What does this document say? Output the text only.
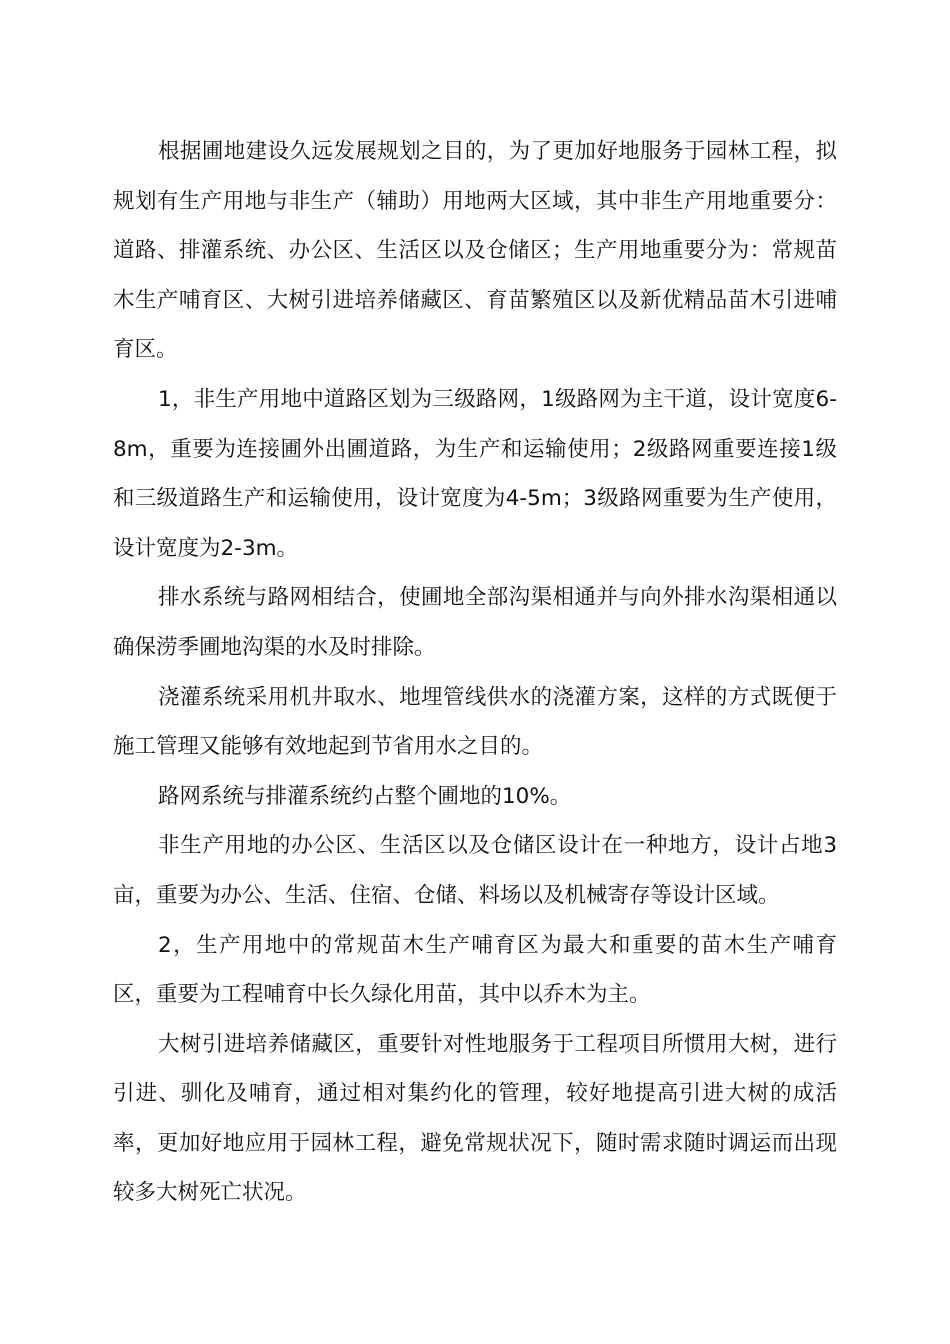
根据圃地建设久远发展规划之目的，为了更加好地服务于园林工程，拟规划有生产用地与非生产（辅助）用地两大区域，其中非生产用地重要分：道路、排灌系统、办公区、生活区以及仓储区；生产用地重要分为：常规苗木生产哺育区、大树引进培养储藏区、育苗繁殖区以及新优精品苗木引进哺育区。

1，非生产用地中道路区划为三级路网，1级路网为主干道，设计宽度6-8m，重要为连接圃外出圃道路，为生产和运输使用；2级路网重要连接1级和三级道路生产和运输使用，设计宽度为4-5m；3级路网重要为生产使用，设计宽度为2-3m。

排水系统与路网相结合，使圃地全部沟渠相通并与向外排水沟渠相通以确保涝季圃地沟渠的水及时排除。

浇灌系统采用机井取水、地埋管线供水的浇灌方案，这样的方式既便于施工管理又能够有效地起到节省用水之目的。

路网系统与排灌系统约占整个圃地的10%。

非生产用地的办公区、生活区以及仓储区设计在一种地方，设计占地3亩，重要为办公、生活、住宿、仓储、料场以及机械寄存等设计区域。

2，生产用地中的常规苗木生产哺育区为最大和重要的苗木生产哺育区，重要为工程哺育中长久绿化用苗，其中以乔木为主。

大树引进培养储藏区，重要针对性地服务于工程项目所惯用大树，进行引进、驯化及哺育，通过相对集约化的管理，较好地提高引进大树的成活率，更加好地应用于园林工程，避免常规状况下，随时需求随时调运而出现较多大树死亡状况。
